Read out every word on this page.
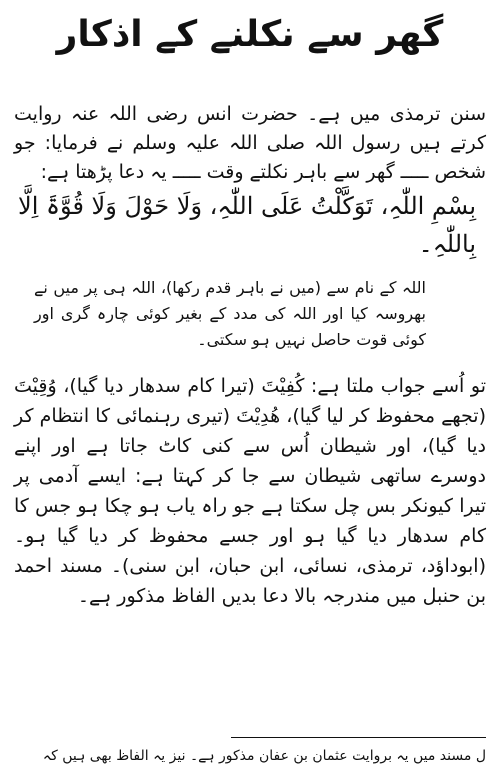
گھر سے نکلنے کے اذکار

سنن ترمذی میں ہے۔ حضرت انس رضی اللہ عنہ روایت کرتے ہیں رسول اللہ صلی اللہ علیہ وسلم نے فرمایا: جو شخص ـــــ گھر سے باہر نکلتے وقت ـــــ یہ دعا پڑھتا ہے:

بِسْمِ اللّٰہِ، تَوَکَّلْتُ عَلَی اللّٰہِ، وَلَا حَوْلَ وَلَا قُوَّۃَ اِلَّا بِاللّٰہِ۔

اللہ کے نام سے (میں نے باہر قدم رکھا)، اللہ ہی پر میں نے بھروسہ کیا اور اللہ کی مدد کے بغیر کوئی چارہ گری اور کوئی قوت حاصل نہیں ہو سکتی۔

تو اُسے جواب ملتا ہے: کُفِیْتَ (تیرا کام سدھار دیا گیا)، وُقِیْتَ (تجھے محفوظ کر لیا گیا)، ھُدِیْتَ (تیری رہنمائی کا انتظام کر دیا گیا)، اور شیطان اُس سے کنی کاٹ جاتا ہے اور اپنے دوسرے ساتھی شیطان سے جا کر کہتا ہے: ایسے آدمی پر تیرا کیونکر بس چل سکتا ہے جو راہ یاب ہو چکا ہو جس کا کام سدھار دیا گیا ہو اور جسے محفوظ کر دیا گیا ہو۔ (ابوداؤد، ترمذی، نسائی، ابن حبان، ابن سنی)۔ مسند احمد بن حنبل میں مندرجہ بالا دعا بدیں الفاظ مذکور ہے۔

ل مسند میں یہ بروایت عثمان بن عفان مذکور ہے۔ نیز یہ الفاظ بھی ہیں کہ
